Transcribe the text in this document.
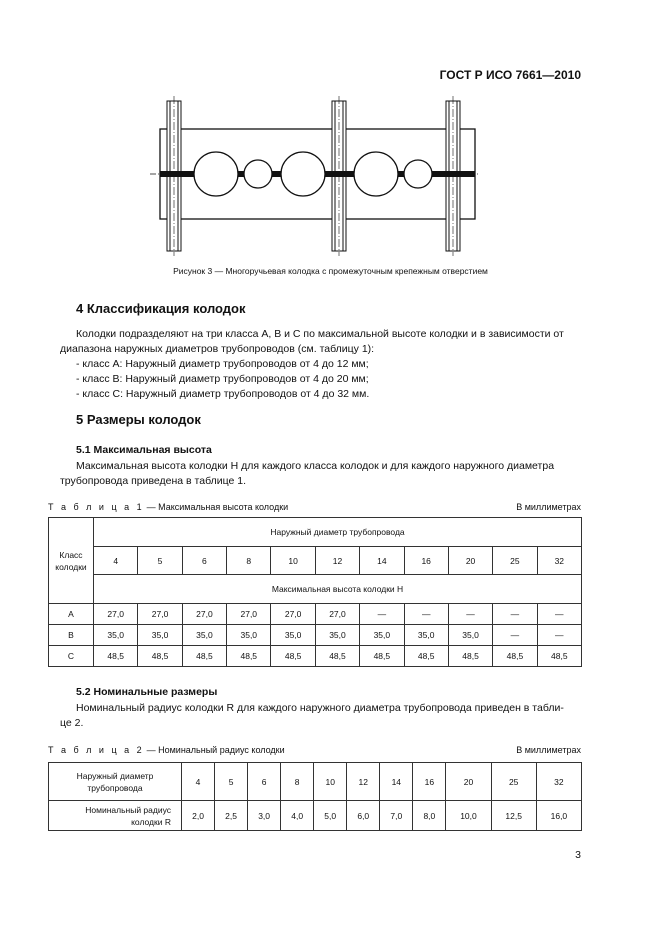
ГОСТ Р ИСО 7661—2010
Рисунок 3 — Многоручьевая колодка с промежуточным крепежным отверстием
4 Классификация колодок
Колодки подразделяют на три класса A, B и C по максимальной высоте колодки и в зависимости от
диапазона наружных диаметров трубопроводов (см. таблицу 1):
- класс A: Наружный диаметр трубопроводов от 4 до 12 мм;
- класс B: Наружный диаметр трубопроводов от 4 до 20 мм;
- класс C: Наружный диаметр трубопроводов от 4 до 32 мм.
5 Размеры колодок
5.1 Максимальная высота
Максимальная высота колодки H для каждого класса колодок и для каждого наружного диаметра
трубопровода приведена в таблице 1.
Т а б л и ц а 1 — Максимальная высота колодки	В миллиметрах
Класс колодки	Наружный диаметр трубопровода										
	4	5	6	8	10	12	14	16	20	25	32
	Максимальная высота колодки H										
A	27,0	27,0	27,0	27,0	27,0	27,0	—	—	—	—	—
B	35,0	35,0	35,0	35,0	35,0	35,0	35,0	35,0	35,0	—	—
C	48,5	48,5	48,5	48,5	48,5	48,5	48,5	48,5	48,5	48,5	48,5
5.2 Номинальные размеры
Номинальный радиус колодки R для каждого наружного диаметра трубопровода приведен в табли-
це 2.
Т а б л и ц а 2 — Номинальный радиус колодки	В миллиметрах
Наружный диаметр трубопровода	4	5	6	8	10	12	14	16	20	25	32
Номинальный радиус колодки R	2,0	2,5	3,0	4,0	5,0	6,0	7,0	8,0	10,0	12,5	16,0
3
